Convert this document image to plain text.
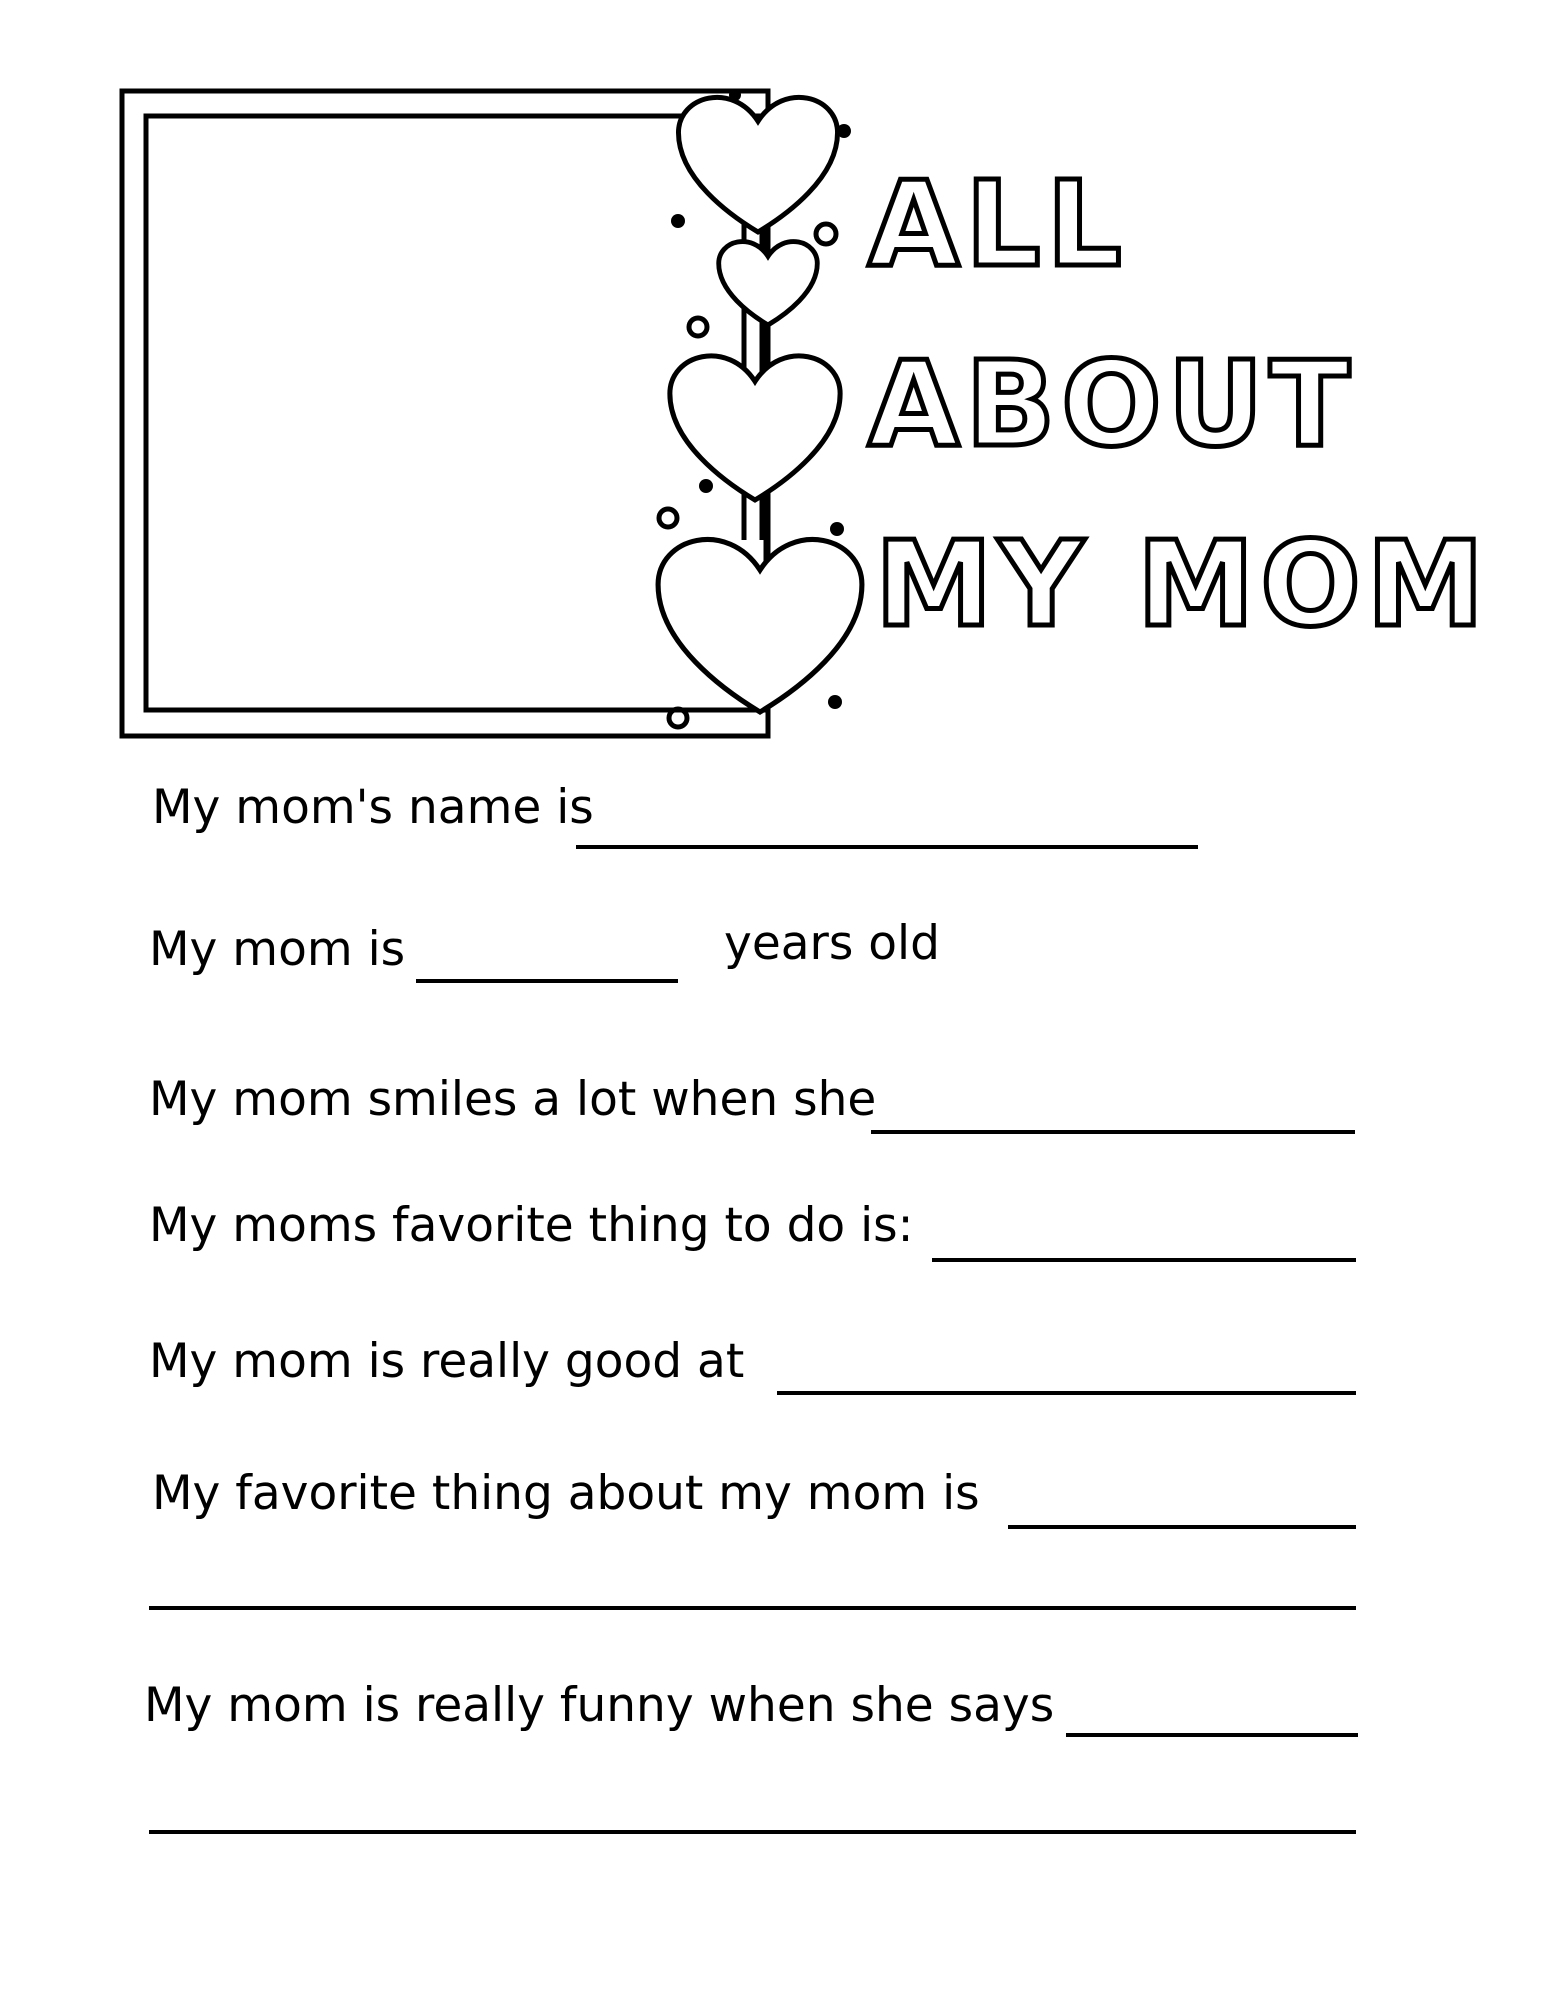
ALL
ABOUT
MY MOM
My mom's name is
My mom is	years old
My mom smiles a lot when she
My moms favorite thing to do is:
My mom is really good at
My favorite thing about my mom is
My mom is really funny when she says
